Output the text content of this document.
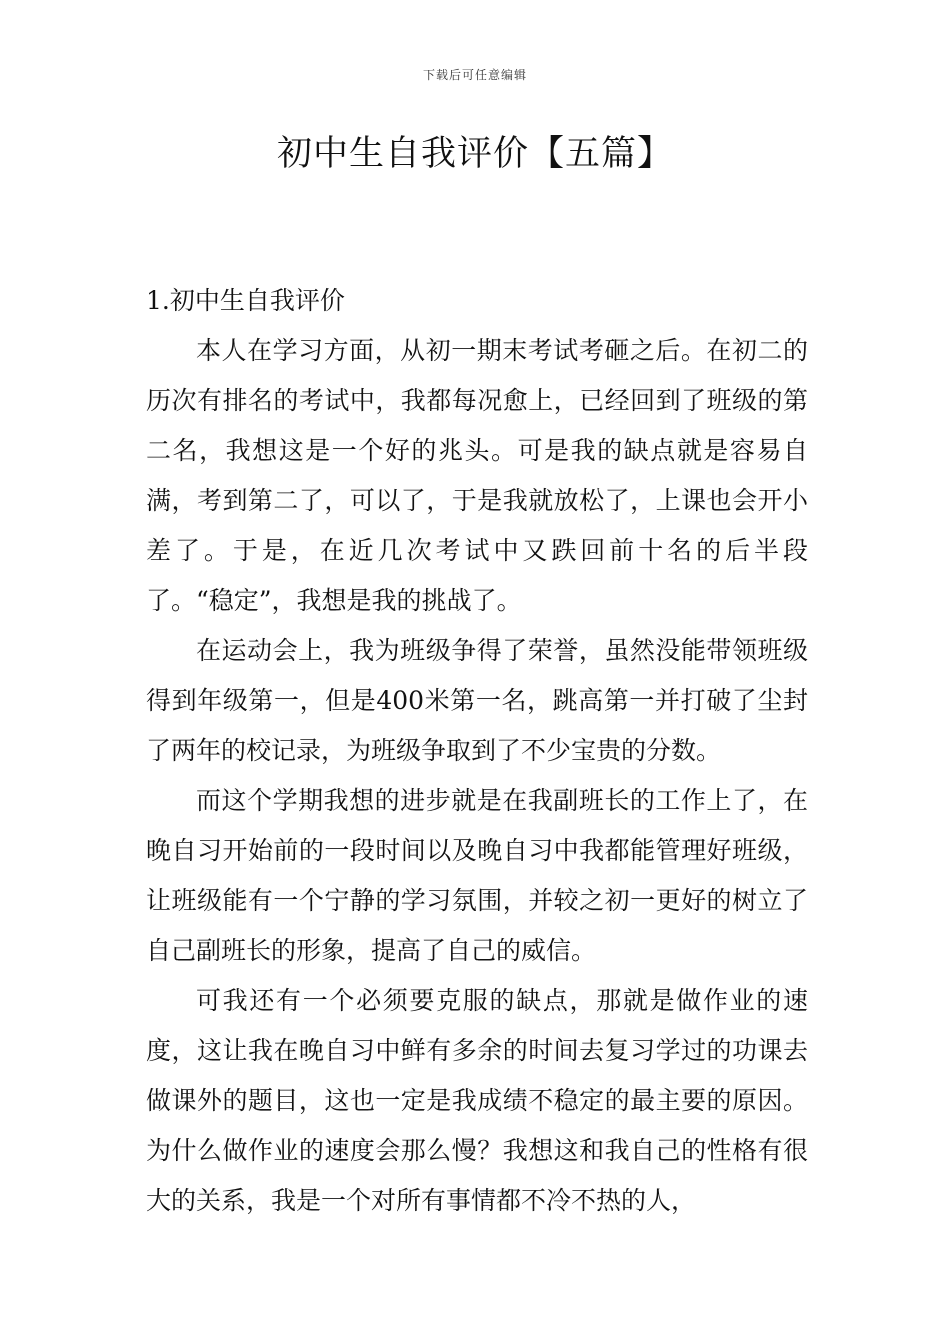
下载后可任意编辑
初中生自我评价【五篇】

1.初中生自我评价

本人在学习方面，从初一期末考试考砸之后。在初二的历次有排名的考试中，我都每况愈上，已经回到了班级的第二名，我想这是一个好的兆头。可是我的缺点就是容易自满，考到第二了，可以了，于是我就放松了，上课也会开小差了。于是，在近几次考试中又跌回前十名的后半段了。“稳定”，我想是我的挑战了。

在运动会上，我为班级争得了荣誉，虽然没能带领班级得到年级第一，但是400米第一名，跳高第一并打破了尘封了两年的校记录，为班级争取到了不少宝贵的分数。

而这个学期我想的进步就是在我副班长的工作上了，在晚自习开始前的一段时间以及晚自习中我都能管理好班级，让班级能有一个宁静的学习氛围，并较之初一更好的树立了自己副班长的形象，提高了自己的威信。

可我还有一个必须要克服的缺点，那就是做作业的速度，这让我在晚自习中鲜有多余的时间去复习学过的功课去做课外的题目，这也一定是我成绩不稳定的最主要的原因。为什么做作业的速度会那么慢？我想这和我自己的性格有很大的关系，我是一个对所有事情都不冷不热的人，
